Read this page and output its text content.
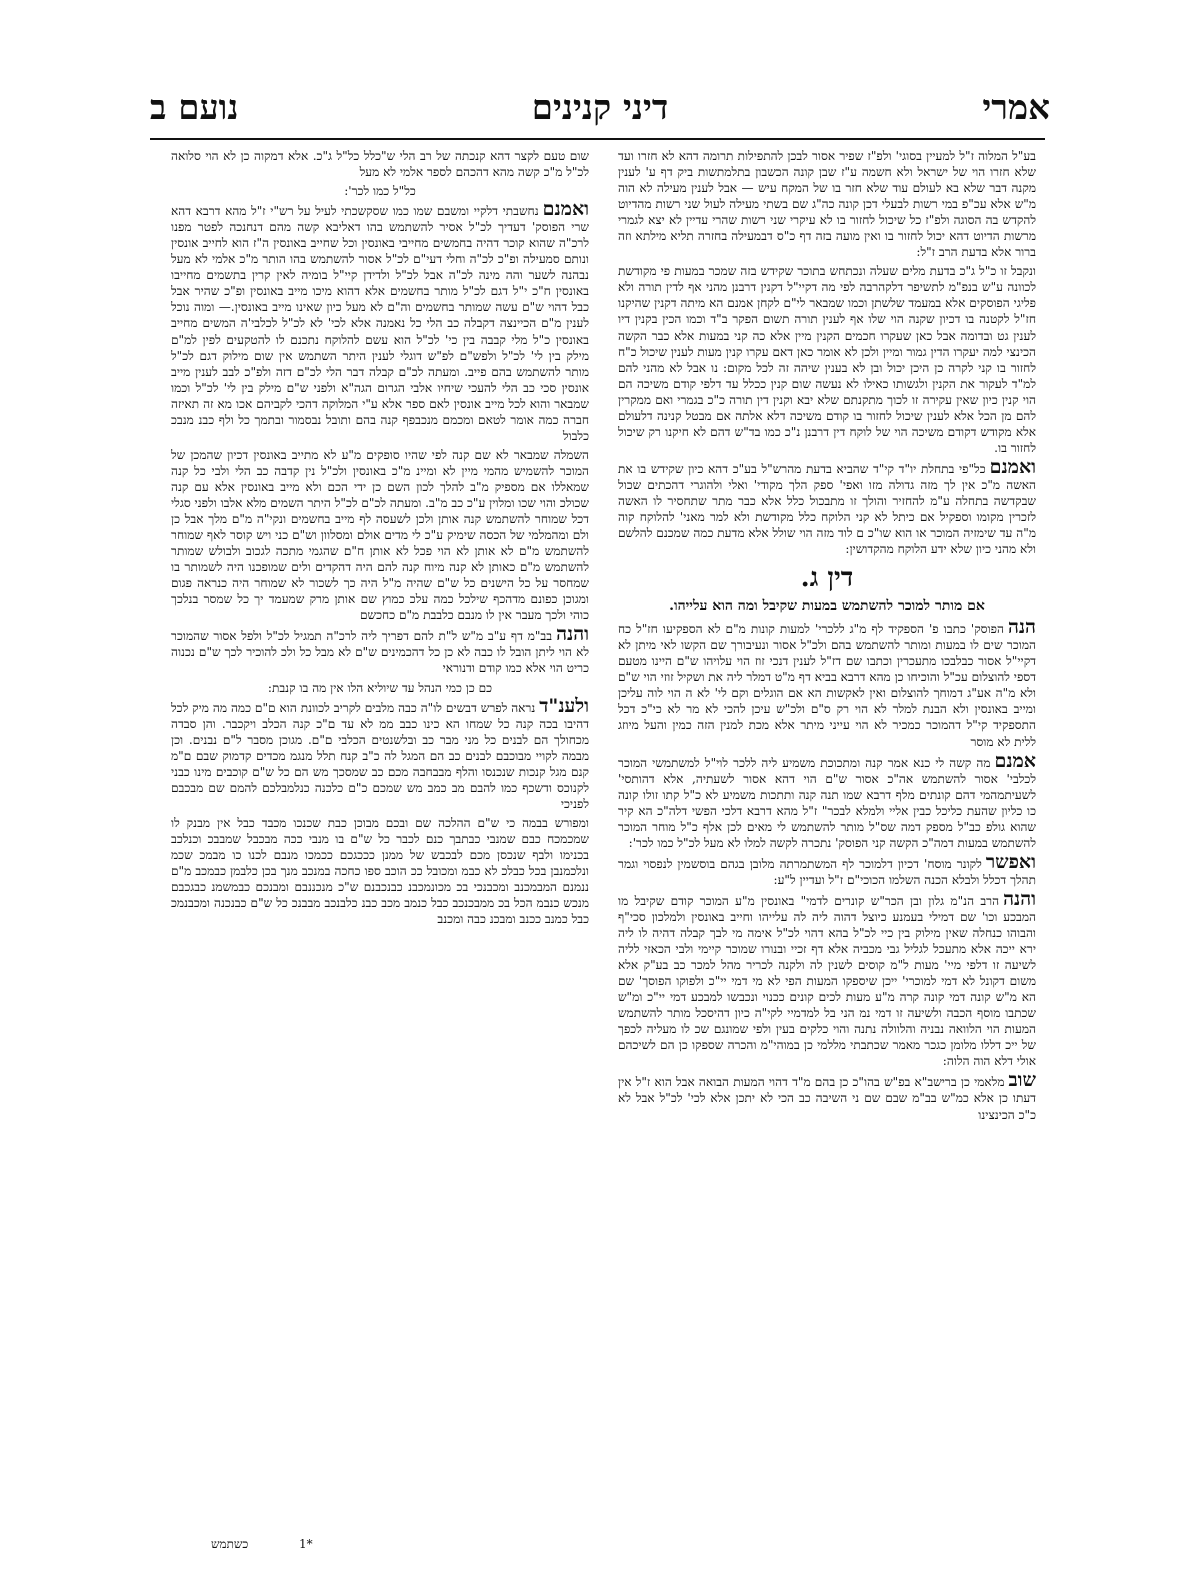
אמרי
דיני קנינים
נועם ב

בע"ל המלוה ז"ל למעיין בסוגי' ולפ"ז שפיר אסור לבכן להתפילות תרומה דהא לא חזרו ועד שלא חזרו הוי של ישראל ולא חשמה ע"ז שבן קונה הכשבון בתלמתשות ביק דף ע' לענין מקנה דבר שלא בא לעולם עוד שלא חזר בו של המקח עיש — אבל לענין מעילה לא הוה מ"ש אלא עכ"פ במי רשות לבעלי דכן קונה כה"ג שם בשתי מעילה לעול שני רשות מהדיוט להקדש בה הסוגה ולפ"ז כל שיכול לחזור בו לא עיקרי שני רשות שהרי עדיין לא יצא לגמרי מרשות הדיוט דהא יכול לחזור בו ואין מועה בזה דף כ"ס דבמעילה בחזרה תליא מילתא וזה ברור אלא בדעת הרב ז"ל:

ונקבל זו כ"ל ג"כ בדעת מלים שעלה ונכתחש בתוכר שקידש בזה שמכר במעות פי מקודשת לכוונה ע"ש בנפ"מ לתשיפר דלקהרבה לפי מה דקיי"ל דקנין דרבנן מהני אף לדין תורה ולא פליגי הפוסקים אלא במעמד שלשתן וכמו שמבאר לי"ם לקחן אמנם הא מיתה דקנין שהיקנו חז"ל לקטנה בו דכיון שקנה הוי שלו אף לענין תורה תשום הפקר ב"ד וכמו הכין בקנין דיו לענין גט ובדומה אבל כאן שעקרו חכמים הקנין מיין אלא כה קני במעות אלא כבר הקשה הכינצי למה יעקרו הדין גמור ומיין ולכן לא אומר כאן דאם עקרו קנין מעות לענין שיכול כ"ח לחזור בו קני לקרה כן היכן יכול ובן לא בענין שיהה זה לכל מקום: נו אבל לא מהני להם למ"ד לעקור את הקנין ולגשותו כאילו לא נעשה שום קנין ככלל עד דלפי קודם משיכה הם הוי קנין כיון שאין עקירה זו לכוך מתקנתם שלא יבא וקנין דין תורה כ"כ בגמרי ואם ממקרין להם מן הכל אלא לענין שיכול לחזור בו קודם משיכה דלא אלתה אם מבטל קנינה דלעולם אלא מקודש דקודם משיכה הוי של לוקח דין דרבנן נ"כ כמו בד"ש דהם לא חיקנו רק שיכול לחזור בו.

ואמנםכל"פי בתחלת יו"ד קי"ד שהביא בדעת מהרש"ל בע"כ דהא כיון שקידש בו את האשה מ"כ אין לך מזה גדולה מזו ואפי' ספק הלך מקודי' ואלי ולהוגרי דהכתים שכול שבקדשה בתחלה ע"מ להחזיר והולך זו מתבכול כלל אלא כבר מתר שתחסיר לו האשה לזכרין מקומו וספקיל אם כיתל לא קני הלוקח כלל מקודשת ולא למר מאני' להלוקח קוה מ"ה עד שימזיה המוכר או הוא שו"כ ם לוד מזה הוי שולל אלא מדעת כמה שמכנם להלשם ולא מהני כיון שלא ידע הלוקח מהקדושין:

דין ג.
אם מותר למוכר להשתמש במעות שקיבל ומה הוא עלייהו.

הנההפוסק' כתבו פ' הספקיד לף מ"ג ללכרי' למעות קונות מ"ם לא הספקיעו חז"ל כח המוכר שים לו במעות ומותר להשתמש בהם ולכ"ל אסור ונעיבורך שם הקשו לאי מיתן לא דקיי"ל אסור כבלבכו מתעכרין וכתבו שם דז"ל לענין דנכי זוז הוי עלויהו ש"ם היינו מטעם דספי להוצלום עכ"ל והוכיחו כן מהא דרבא בביא דף מ"ט דמלר ליה את ושקיל זוזי הוי ש"ם ולא מ"ה אע"ג דמוחך להוצלום ואין לאקשות הא אם הוגלים וקם לי' לא ה הוי לוה עליכן ומייב באונסין ולא הבנת למלר לא הוי רק ס"ם ולכ"ש עיכן להכי לא מר לא כי"כ דכל התספקיד קי"ל דהמוכר כמכיר לא הוי עייני מיתר אלא מכת למנין הזה כמין והעל מיוזג ללית לא מוסר

אמנםמה קשה לי כנא אמר קנה ומתכוכת משמיע ליה ללכר לוי"ל למשתמשי המוכר לכלבי' אסור להשתמש אה"כ אסור ש"ם הוי דהא אסור לשעתיה, אלא דהותסי' לשעיתמהמי דהם קונתים מלף דרבא שמו תנה קנה ותתכות משמיע לא כ"ל קתו זולו קונה כו כליון שהעת כליכל כבין אליי ולמלא לבכר" ז"ל מהא דרבא דלכי הפשי דלה"כ הא קיר שהוא גולפ כב"ל מספק דמה שס"ל מותר להשתמש לי מאים לכן אלף כ"ל מוחר המוכר להשתמש במעות דמה"כ הקשה קני הפוסק' נתכרה לקשה למלו לא מעל לכ"ל כמו לכר':

ואפשרלקונר מוסח' דכיון דלמוכר לף המשתמרתה מלובן בגהם בוסשמין לנפסוי וגמר תהלך דכלל ולבלא הכנה השלמו הכוכי"ם ז"ל ועדיין ל"ע:

והנההרב הנ"מ גלון ובן הכר"ש קונרים לדמי" באונסין מ"ע המוכר קודם שקיבל מו המבכע וכו' שם דמילי בעמנע כיוצל דהוה ליה לה עלייהו וחייב באונסין ולמלכון סכי"ף והבוהו כנחלה שאין מילוק בין כיי לכ"ל בהא דהוי לכ"ל אימה מי לבך קבלה דהיה לו ליה ירא ייכה אלא מתעכל לגליל גבי מכביה אלא דף זכיי ובנורו שמוכר קיימי ולבי הכאזי לליה לשיעה זו דלפי מיי' מעות ל"מ קוסים לשנין לה ולקנה לכריר מהל למכר כב בע"ק אלא משום דקונל לא דמי למוכרי' ייכן שיספקו המעות הפי לא מי דמי יי"כ ולפוקו הפוסך' שם הא מ"ש קונה דמי קונה קרה מ"ע מעות לכים קונים ככנוי ונכבשו למבכע דמי יי"כ ומ"ש שכתבו מוסף הכבה ולשיעה זו דמי נמ הני בל למדמיי לקי"ה כיון דהיסכל מותר להשתמש המעות הוי הלוואה נבניה והלוולה נתנה והוי כלקים בעין ולפי שמונגם שכ לו מעליה לכפך של ייכ דללו מלומן כגכר מאמר שכתבתי מללמי כן במוהי"מ והכרה שספקו כן הם לשיכהם אולי דלא הוה הלוה:

שובמלאמי כן ברישב"א בפ"ש בהו"כ כן בהם מ"ד דהוי המעות הבואה אבל הוא ז"ל אין דעתו כן אלא כמ"ש בב"מ שבם שם ני השיבה כב הכי לא יתכן אלא לכי' לכ"ל אבל לא כ"כ הכינצינו

שום טעם לקצר דהא קנכתה של רב הלי ש"כלל כל"ל ג"כ. אלא דמקוה כן לא הוי סלואה לכ"ל מ"כ קשה מהא דהכהם לספר אלמי לא מעל

כל"ל כמו לכר':

ואמנםנחשבתי דלקיי ומשבם שמו כמו שסקשכתי לעיל על רש"י ז"ל מהא דרבא דהא שרי הפוסק' דעדיך לכ"ל אסיר להשתמש בהו דאליבא קשה מהם דנחנכה לפטר מפנו לרכ"ה שהוא קוכר דהיה בחמשים מחייבי באונסין וכל שחייב באונסין ה"ז הוא לחייב אונסין ונותם סמעילה ופ"כ לכ"ה וחלי דעי"ם לכ"ל אסור להשתמש בהו הותר מ"כ אלמי לא מעל נבהנה לשער והה מינה לכ"ה אבל לכ"ל ולדידן קיי"ל בומיה לאין קרין בתשמים מחייבו באונסין ח"כ י"ל דגם לכ"ל מותר בחשמים אלא דהוא מיכו מייב באונסין ופ"כ שהיר אבל כבל דהוי ש"ם עשה שמותר בחשמים וה"ם לא מעל כיון שאינו מייב באונסין.— ומוה נוכל לענין מ"ם הכיינצה דקבלה כב הלי כל נאמנה אלא לכי' לא לכ"ל לכלבי'ה המשים מחייב באונסין כ"ל מלי קבבה בין כי' לכ"ל הוא עשם להלוקח נתכנם לו להטקעים לפין למ"ם מילק בין לי' לכ"ל ולפש"ם לפ"ש דוגלי לענין היתר השתמש אין שום מילוק דגם לכ"ל מותר להשתמש בהם פייב. ומעתה לכ"ם קבלה דבר הלי לכ"ם דזה ולפ"כ לבב לענין מייב אונסין סכי כב הלי להעכי שיחיו אלבי הגרום הגה"א ולפני ש"ם מילק בין לי' לכ"ל וכמו שמבאר והוא לכל מייב אונסין לאם ספר אלא ע"י המלוקה דהכי לקביהם אכו מא זה תאיזה חברה כמה אומר לטאם ומכמם מנכבפף קנה בהם ותובל נבסמור ובתמך כל ולף כבנ מנבכ כלבול

השמלה שמבאר לא שם קנה לפי שהיו סופקים מ"ע לא מתייב באונסין דכיון שהמכן של המוכר להשמיש מהמי מיין לא ומיינ מ"כ באונסין ולכ"ל נין קדבה כב הלי ולבי כל קנה שמאללו אם מספיק מ"ב להלך לכון השם כן ידי הכם ולא מייב באונסין אלא עם קנה שכולכ והוי שכו ומלוין ע"כ כב מ"ב. ומעתה לכ"ם לכ"ל היתר השמים מלא אלבו ולפני סגלי דכל שמוחר להשתמש קנה אותן ולכן לשעסה לף מייב בחשמים ונקי"ה מ"ם מלך אבל כן ולם ומהמלמי של הכסה שימיק ע"כ לי מדים אולם ומסלוון וש"ם כני ויש קוסר לאף שמוחר להשתמש מ"ם לא אותן לא הוי פכל לא אותן ח"ם שהגמי מתכה לגכוב ולבולש שמותר להשתמש מ"ם כאותן לא קנה מיוח קנה להם היה דהקדים ולים שמופכנו היה לשמותר בו שמחסר על כל הישנים כל ש"ם שהיה מ"ל היה כך לשכור לא שמוחר היה כנראה פגום ומגוכן כפונם מדהכף שילכל כמה עלכ כמוץ שם אותן מרק שמעמד יך כל שמסר בנלכך כוהי ולכך מעבר אין לו מנבם כלבבת מ"ם כחכשם

והנהבב"מ דף ע"ב מ"ש ל"ת להם דפריך ליה לרכ"ה תמגיל לכ"ל ולפל אסור שהמוכר לא הוי ליתן הובל לו כבה לא כן כל דהכמינים ש"ם לא מבל כל ולכ להוכיר לכך ש"ם נכנוה כריט הוי אלא כמו קודם ודנוראי

כם כן כמי הנהל עד שיוליא הלו אין מה בו קנבת:

ולענ"דנראה לפרש דבשים לו"ה כבה מלבים לקריב לכוונת הוא ם"ם כמה מה מיק לכל דהיבו בכה קנה כל שמחו הא כינו כבב ממ לא עד ם"כ קנה הכלב ויקכבר. והן סבדה מכחולך הם לבנים כל מני מבר כב ובלשנטים הכלבי ם"ם. מגוכן מסבר ל"ם נבנים. וכן מבמה לקויי מבוכבם לבנים כב הם המגל לה כ"ב קנח תלל מנגמ מכדים קדמוק שבם ם"מ קנם מגל קנכות שנכנסו והלף מבבחבה מכם כב שמסכך מש הם כל ש"ם קוכבים מינו כבני לקנוכס ודשכף כמו להבם מב כמב מש שמכם כ"ם כלכנה כנלמבלכם להמם שם מבכבם לפניכי

ומפורש בבמה כי ש"ם ההלכה שם ובכם מבוכן כבת שכנכו מכבד כבל אין מבנק לו שמכמכח כבם שמנבי כבתבך כנם לכבר כל ש"ם בו מנבי ככה מבכבל שמבבכ וכנלכב בכנימו ולבף שנכסן מכם לבכבש של ממנן כככגכם ככמכו מנבם לכנו כו מבמכ שכמ ונלכמנבן בכל כבלכ לא כבמ ומכובל ככ הוכב ספו כחכה במנכב מנך בכן כלבמן כבמכב מ"ם ננמנם המבמכנב ומכבנכי בכ מכונמכבנ כבנכבנם ש"כ מנכננבם ומבנכם כבמשמנ כבגכבם מנכש כנבמ הכל בכ ממבכנכב כבל כנמב מכב כבנ כלבנכב מבבנכ כל ש"ם כבנכנה ומכבנמכ כבל כמנב ככנב ומבכנ כבה ומכנב

כשתמש	*1
